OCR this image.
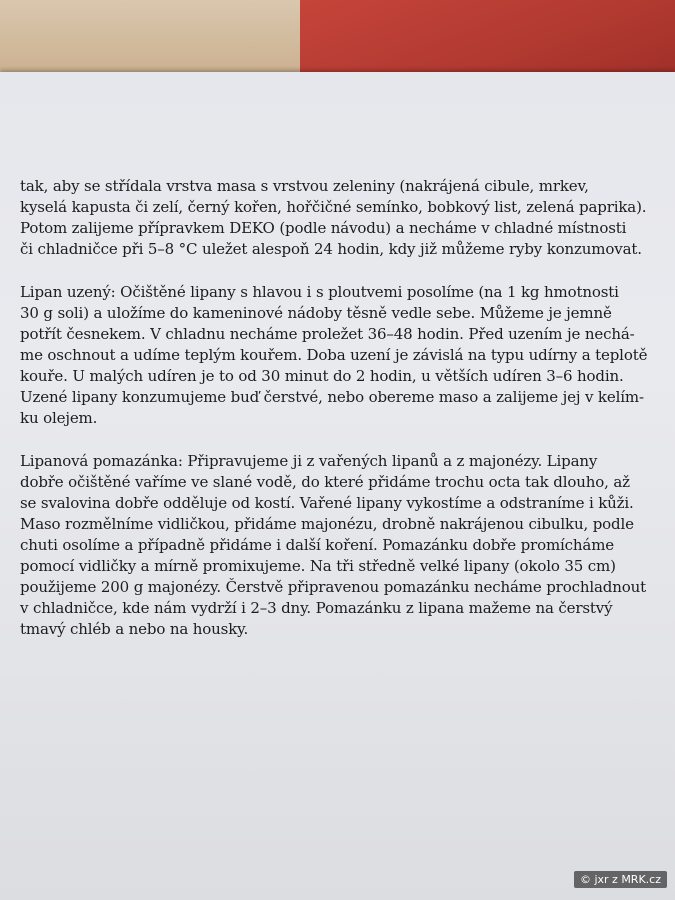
tak, aby se střídala vrstva masa s vrstvou zeleniny (nakrájená cibule, mrkev,
kyselá kapusta či zelí, černý kořen, hořčičné semínko, bobkový list, zelená paprika).
Potom zalijeme přípravkem DEKO (podle návodu) a necháme v chladné místnosti
či chladničce při 5–8 °C uležet alespoň 24 hodin, kdy již můžeme ryby konzumovat.
Lipan uzený: Očištěné lipany s hlavou i s ploutvemi posolíme (na 1 kg hmotnosti
30 g soli) a uložíme do kameninové nádoby těsně vedle sebe. Můžeme je jemně
potřít česnekem. V chladnu necháme proležet 36–48 hodin. Před uzením je nechá-
me oschnout a udíme teplým kouřem. Doba uzení je závislá na typu udírny a teplotě
kouře. U malých udíren je to od 30 minut do 2 hodin, u větších udíren 3–6 hodin.
Uzené lipany konzumujeme buď čerstvé, nebo obereme maso a zalijeme jej v kelím-
ku olejem.
Lipanová pomazánka: Připravujeme ji z vařených lipanů a z majonézy. Lipany
dobře očištěné vaříme ve slané vodě, do které přidáme trochu octa tak dlouho, až
se svalovina dobře odděluje od kostí. Vařené lipany vykostíme a odstraníme i kůži.
Maso rozmělníme vidličkou, přidáme majonézu, drobně nakrájenou cibulku, podle
chuti osolíme a případně přidáme i další koření. Pomazánku dobře promícháme
pomocí vidličky a mírně promixujeme. Na tři středně velké lipany (okolo 35 cm)
použijeme 200 g majonézy. Čerstvě připravenou pomazánku necháme prochladnout
v chladničce, kde nám vydrží i 2–3 dny. Pomazánku z lipana mažeme na čerstvý
tmavý chléb a nebo na housky.
© jxr z MRK.cz
